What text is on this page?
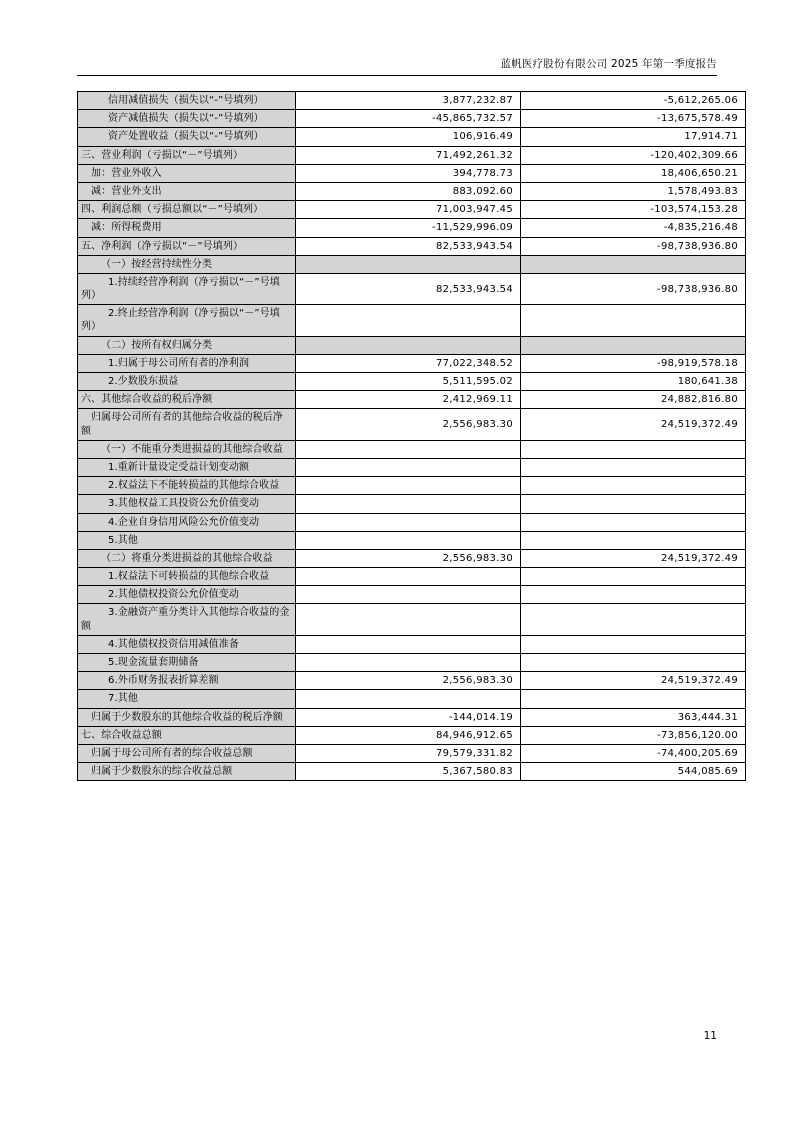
蓝帆医疗股份有限公司 2025 年第一季度报告
信用减值损失（损失以“-”号填列）	3,877,232.87	-5,612,265.06
资产减值损失（损失以“-”号填列）	-45,865,732.57	-13,675,578.49
资产处置收益（损失以“-”号填列）	106,916.49	17,914.71
三、营业利润（亏损以“－”号填列）	71,492,261.32	-120,402,309.66
加：营业外收入	394,778.73	18,406,650.21
减：营业外支出	883,092.60	1,578,493.83
四、利润总额（亏损总额以“－”号填列）	71,003,947.45	-103,574,153.28
减：所得税费用	-11,529,996.09	-4,835,216.48
五、净利润（净亏损以“－”号填列）	82,533,943.54	-98,738,936.80
（一）按经营持续性分类		
1.持续经营净利润（净亏损以“－”号填列）	82,533,943.54	-98,738,936.80
2.终止经营净利润（净亏损以“－”号填列）		
（二）按所有权归属分类		
1.归属于母公司所有者的净利润	77,022,348.52	-98,919,578.18
2.少数股东损益	5,511,595.02	180,641.38
六、其他综合收益的税后净额	2,412,969.11	24,882,816.80
归属母公司所有者的其他综合收益的税后净额	2,556,983.30	24,519,372.49
（一）不能重分类进损益的其他综合收益		
1.重新计量设定受益计划变动额		
2.权益法下不能转损益的其他综合收益		
3.其他权益工具投资公允价值变动		
4.企业自身信用风险公允价值变动		
5.其他		
（二）将重分类进损益的其他综合收益	2,556,983.30	24,519,372.49
1.权益法下可转损益的其他综合收益		
2.其他债权投资公允价值变动		
3.金融资产重分类计入其他综合收益的金额		
4.其他债权投资信用减值准备		
5.现金流量套期储备		
6.外币财务报表折算差额	2,556,983.30	24,519,372.49
7.其他		
归属于少数股东的其他综合收益的税后净额	-144,014.19	363,444.31
七、综合收益总额	84,946,912.65	-73,856,120.00
归属于母公司所有者的综合收益总额	79,579,331.82	-74,400,205.69
归属于少数股东的综合收益总额	5,367,580.83	544,085.69
11
